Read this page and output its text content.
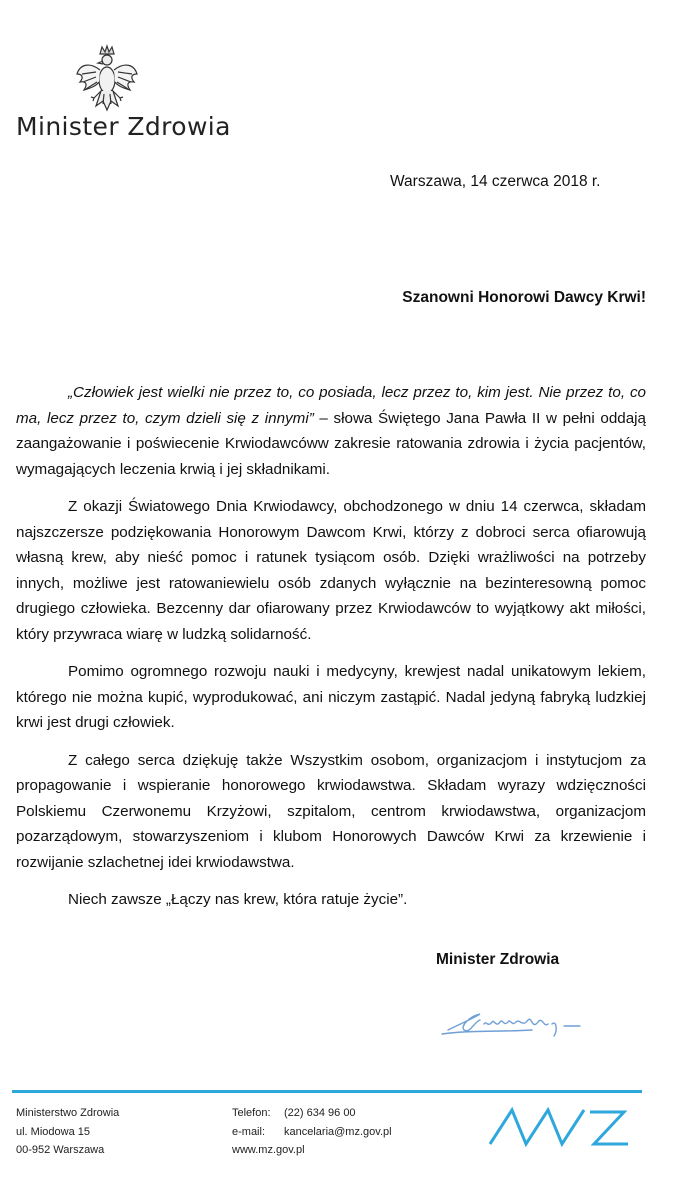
Minister Zdrowia
Warszawa, 14 czerwca 2018 r.
Szanowni Honorowi Dawcy Krwi!

„Człowiek jest wielki nie przez to, co posiada, lecz przez to, kim jest. Nie przez to, co ma, lecz przez to, czym dzieli się z innymi” – słowa Świętego Jana Pawła II w pełni oddają zaangażowanie i poświecenie Krwiodawcóww zakresie ratowania zdrowia i życia pacjentów, wymagających leczenia krwią i jej składnikami.

Z okazji Światowego Dnia Krwiodawcy, obchodzonego w dniu 14 czerwca, składam najszczersze podziękowania Honorowym Dawcom Krwi, którzy z dobroci serca ofiarowują własną krew, aby nieść pomoc i ratunek tysiącom osób. Dzięki wrażliwości na potrzeby innych, możliwe jest ratowaniewielu osób zdanych wyłącznie na bezinteresowną pomoc drugiego człowieka. Bezcenny dar ofiarowany przez Krwiodawców to wyjątkowy akt miłości, który przywraca wiarę w ludzką solidarność.

Pomimo ogromnego rozwoju nauki i medycyny, krewjest nadal unikatowym lekiem, którego nie można kupić, wyprodukować, ani niczym zastąpić. Nadal jedyną fabryką ludzkiej krwi jest drugi człowiek.

Z całego serca dziękuję także Wszystkim osobom, organizacjom i instytucjom za propagowanie i wspieranie honorowego krwiodawstwa. Składam wyrazy wdzięczności Polskiemu Czerwonemu Krzyżowi, szpitalom, centrom krwiodawstwa, organizacjom pozarządowym, stowarzyszeniom i klubom Honorowych Dawców Krwi za krzewienie i rozwijanie szlachetnej idei krwiodawstwa.

Niech zawsze „Łączy nas krew, która ratuje życie”.

Minister Zdrowia
Ministerstwo Zdrowia
ul. Miodowa 15
00-952 Warszawa
Telefon: (22) 634 96 00
e-mail: kancelaria@mz.gov.pl
www.mz.gov.pl
